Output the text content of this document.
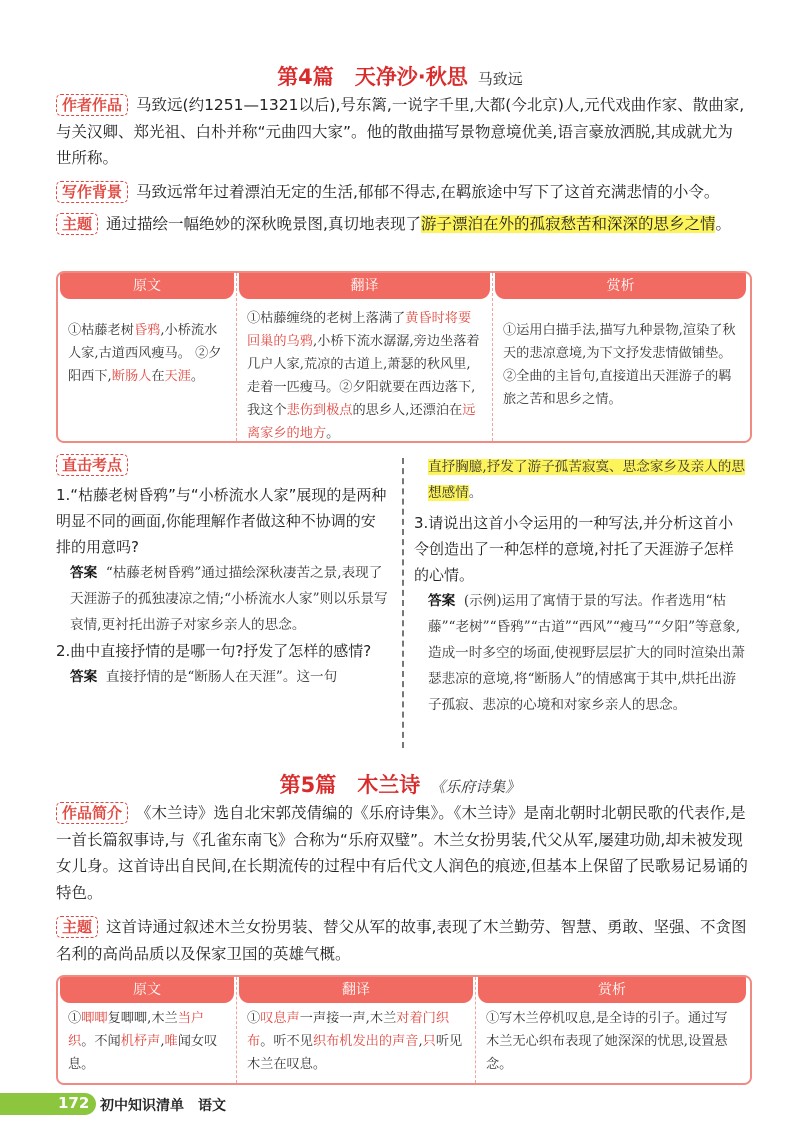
第4篇　天净沙·秋思 马致远
作者作品 马致远(约1251—1321以后),号东篱,一说字千里,大都(今北京)人,元代戏曲作家、散曲家,与关汉卿、郑光祖、白朴并称“元曲四大家”。他的散曲描写景物意境优美,语言豪放洒脱,其成就尤为世所称。
写作背景 马致远常年过着漂泊无定的生活,郁郁不得志,在羁旅途中写下了这首充满悲情的小令。
主题 通过描绘一幅绝妙的深秋晚景图,真切地表现了游子漂泊在外的孤寂愁苦和深深的思乡之情。
原文
①枯藤老树昏鸦,小桥流水人家,古道西风瘦马。 ②夕阳西下,断肠人在天涯。
翻译
①枯藤缠绕的老树上落满了黄昏时将要回巢的乌鸦,小桥下流水潺潺,旁边坐落着几户人家,荒凉的古道上,萧瑟的秋风里,走着一匹瘦马。②夕阳就要在西边落下,我这个悲伤到极点的思乡人,还漂泊在远离家乡的地方。
赏析
①运用白描手法,描写九种景物,渲染了秋天的悲凉意境,为下文抒发悲情做铺垫。②全曲的主旨句,直接道出天涯游子的羁旅之苦和思乡之情。
直击考点
1.“枯藤老树昏鸦”与“小桥流水人家”展现的是两种明显不同的画面,你能理解作者做这种不协调的安排的用意吗?
答案 “枯藤老树昏鸦”通过描绘深秋凄苦之景,表现了天涯游子的孤独凄凉之情;“小桥流水人家”则以乐景写哀情,更衬托出游子对家乡亲人的思念。
2.曲中直接抒情的是哪一句?抒发了怎样的感情?
答案 直接抒情的是“断肠人在天涯”。这一句
直抒胸臆,抒发了游子孤苦寂寞、思念家乡及亲人的思想感情。
3.请说出这首小令运用的一种写法,并分析这首小令创造出了一种怎样的意境,衬托了天涯游子怎样的心情。
答案 (示例)运用了寓情于景的写法。作者选用“枯藤”“老树”“昏鸦”“古道”“西风”“瘦马”“夕阳”等意象,造成一时多空的场面,使视野层层扩大的同时渲染出萧瑟悲凉的意境,将“断肠人”的情感寓于其中,烘托出游子孤寂、悲凉的心境和对家乡亲人的思念。
第5篇　木兰诗 《乐府诗集》
作品简介 《木兰诗》选自北宋郭茂倩编的《乐府诗集》。《木兰诗》是南北朝时北朝民歌的代表作,是一首长篇叙事诗,与《孔雀东南飞》合称为“乐府双璧”。木兰女扮男装,代父从军,屡建功勋,却未被发现女儿身。这首诗出自民间,在长期流传的过程中有后代文人润色的痕迹,但基本上保留了民歌易记易诵的特色。
主题 这首诗通过叙述木兰女扮男装、替父从军的故事,表现了木兰勤劳、智慧、勇敢、坚强、不贪图名利的高尚品质以及保家卫国的英雄气概。
原文
①唧唧复唧唧,木兰当户织。不闻机杼声,唯闻女叹息。
翻译
①叹息声一声接一声,木兰对着门织布。听不见织布机发出的声音,只听见木兰在叹息。
赏析
①写木兰停机叹息,是全诗的引子。通过写木兰无心织布表现了她深深的忧思,设置悬念。
172 初中知识清单　语文
